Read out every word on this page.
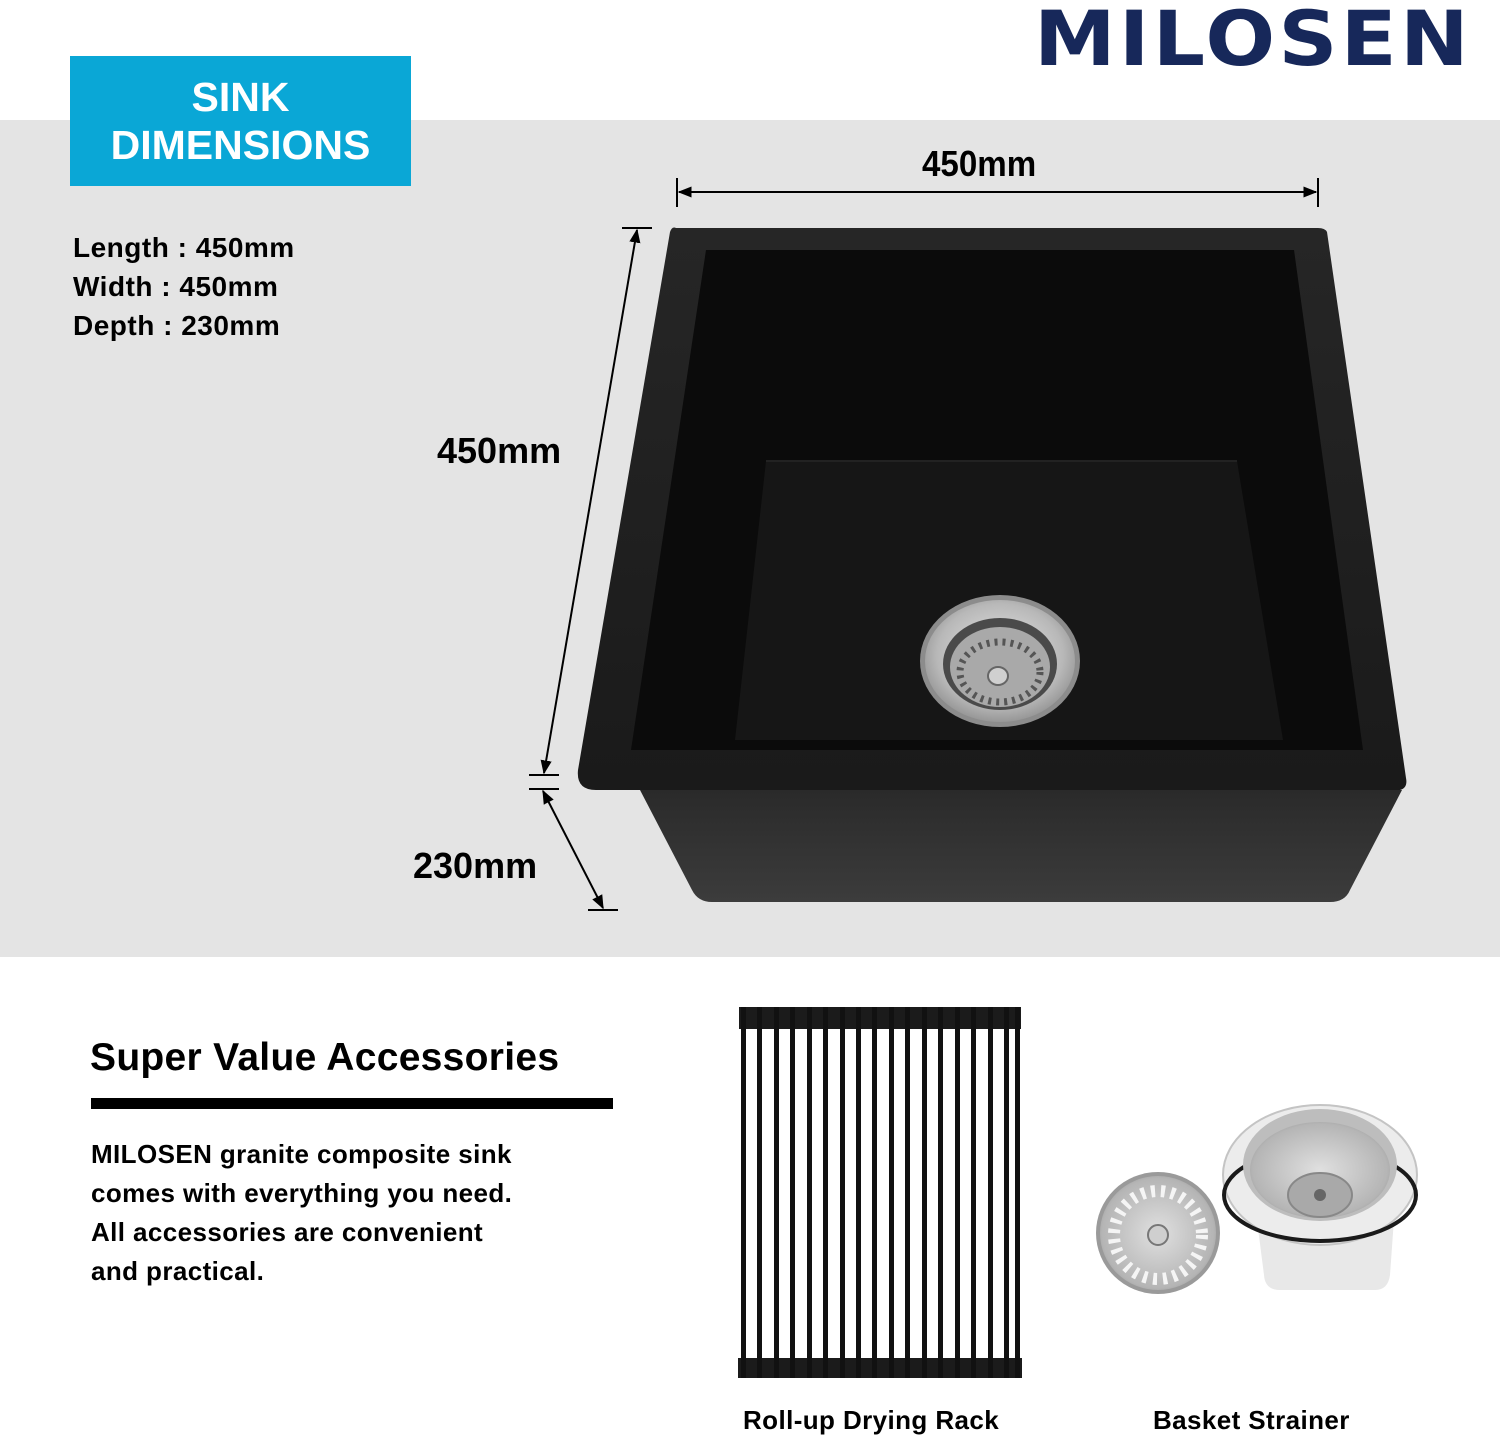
MILOSEN
SINK
DIMENSIONS
Length : 450mm
Width : 450mm
Depth : 230mm
450mm
450mm
230mm
Super Value Accessories
MILOSEN granite composite sink
comes with everything you need.
All accessories are convenient
and practical.
Roll-up Drying Rack	Basket Strainer
